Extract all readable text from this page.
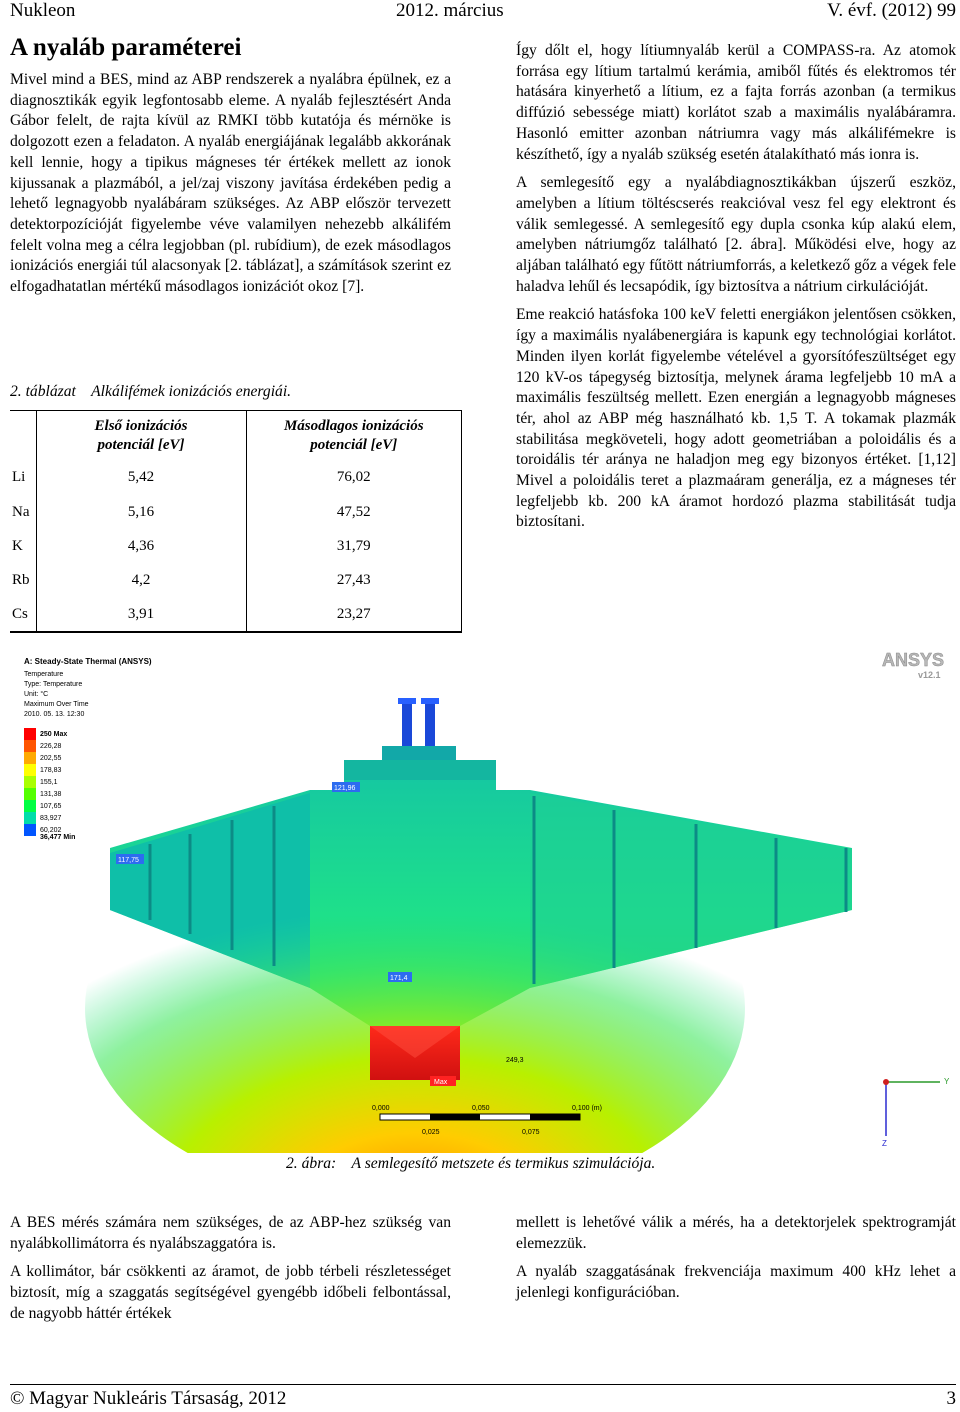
Nukleon	2012. március	V. évf. (2012) 99
A nyaláb paraméterei

Mivel mind a BES, mind az ABP rendszerek a nyalábra épülnek, ez a diagnosztikák egyik legfontosabb eleme. A nyaláb fejlesztésért Anda Gábor felelt, de rajta kívül az RMKI több kutatója és mérnöke is dolgozott ezen a feladaton. A nyaláb energiájának legalább akkorának kell lennie, hogy a tipikus mágneses tér értékek mellett az ionok kijussanak a plazmából, a jel/zaj viszony javítása érdekében pedig a lehető legnagyobb nyalábáram szükséges. Az ABP először tervezett detektorpozícióját figyelembe véve valamilyen nehezebb alkálifém felelt volna meg a célra legjobban (pl. rubídium), de ezek másodlagos ionizációs energiái túl alacsonyak [2. táblázat], a számítások szerint ez elfogadhatatlan mértékű másodlagos ionizációt okoz [7].

2. táblázat    Alkálifémek ionizációs energiái.
	Első ionizációs potenciál [eV]	Másodlagos ionizációs potenciál [eV]
Li	5,42	76,02
Na	5,16	47,52
K	4,36	31,79
Rb	4,2	27,43
Cs	3,91	23,27

Így dőlt el, hogy lítiumnyaláb kerül a COMPASS-ra. Az atomok forrása egy lítium tartalmú kerámia, amiből fűtés és elektromos tér hatására kinyerhető a lítium, ez a fajta forrás azonban (a termikus diffúzió sebessége miatt) korlátot szab a maximális nyalábáramra. Hasonló emitter azonban nátriumra vagy más alkálifémekre is készíthető, így a nyaláb szükség esetén átalakítható más ionra is.

A semlegesítő egy a nyalábdiagnosztikákban újszerű eszköz, amelyben a lítium töltéscserés reakcióval vesz fel egy elektront és válik semlegessé. A semlegesítő egy dupla csonka kúp alakú elem, amelyben nátriumgőz található [2. ábra]. Működési elve, hogy az aljában található egy fűtött nátriumforrás, a keletkező gőz a végek fele haladva lehűl és lecsapódik, így biztosítva a nátrium cirkulációját.

Eme reakció hatásfoka 100 keV feletti energiákon jelentősen csökken, így a maximális nyalábenergiára is kapunk egy technológiai korlátot. Minden ilyen korlát figyelembe vételével a gyorsítófeszültséget egy 120 kV-os tápegység biztosítja, melynek árama legfeljebb 10 mA a maximális feszültség mellett. Ezen energián a legnagyobb mágneses tér, ahol az ABP még használható kb. 1,5 T. A tokamak plazmák stabilitása megköveteli, hogy adott geometriában a poloidális és a toroidális tér aránya ne haladjon meg egy bizonyos értéket. [1,12] Mivel a poloidális teret a plazmaáram generálja, ez a mágneses tér legfeljebb kb. 200 kA áramot hordozó plazma stabilitását tudja biztosítani.

A: Steady-State Thermal (ANSYS)
Temperature
Type: Temperature
Unit: °C
Maximum Over Time
2010. 05. 13. 12:30
250 Max
226,28
202,55
178,83
155,1
131,38
107,65
83,927
60,202
36,477 Min
121,96
117,75
171,4
249,3
Max
0,000	0,050	0,100 (m)
0,025	0,075
Y
Z
ANSYS
v12.1
2. ábra:    A semlegesítő metszete és termikus szimulációja.

A BES mérés számára nem szükséges, de az ABP-hez szükség van nyalábkollimátorra és nyalábszaggatóra is.

A kollimátor, bár csökkenti az áramot, de jobb térbeli részletességet biztosít, míg a szaggatás segítségével gyengébb időbeli felbontással, de nagyobb háttér értékek

mellett is lehetővé válik a mérés, ha a detektorjelek spektrogramját elemezzük.

A nyaláb szaggatásának frekvenciája maximum 400 kHz lehet a jelenlegi konfigurációban.

© Magyar Nukleáris Társaság, 2012	3
